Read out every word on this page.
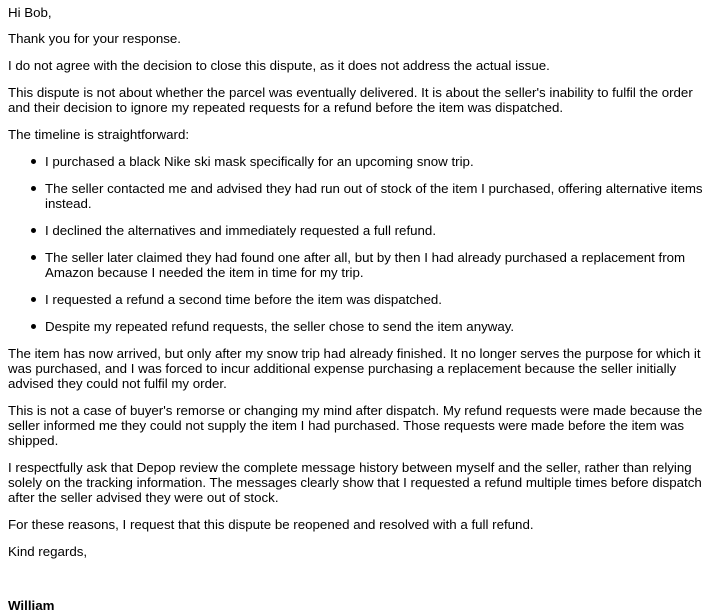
Hi Bob,

Thank you for your response.

I do not agree with the decision to close this dispute, as it does not address the actual issue.

This dispute is not about whether the parcel was eventually delivered. It is about the seller's inability to fulfil the order and their decision to ignore my repeated requests for a refund before the item was dispatched.

The timeline is straightforward:

I purchased a black Nike ski mask specifically for an upcoming snow trip.
The seller contacted me and advised they had run out of stock of the item I purchased, offering alternative items instead.
I declined the alternatives and immediately requested a full refund.
The seller later claimed they had found one after all, but by then I had already purchased a replacement from Amazon because I needed the item in time for my trip.
I requested a refund a second time before the item was dispatched.
Despite my repeated refund requests, the seller chose to send the item anyway.

The item has now arrived, but only after my snow trip had already finished. It no longer serves the purpose for which it was purchased, and I was forced to incur additional expense purchasing a replacement because the seller initially advised they could not fulfil my order.

This is not a case of buyer's remorse or changing my mind after dispatch. My refund requests were made because the seller informed me they could not supply the item I had purchased. Those requests were made before the item was shipped.

I respectfully ask that Depop review the complete message history between myself and the seller, rather than relying solely on the tracking information. The messages clearly show that I requested a refund multiple times before dispatch after the seller advised they were out of stock.

For these reasons, I request that this dispute be reopened and resolved with a full refund.

Kind regards,

William
